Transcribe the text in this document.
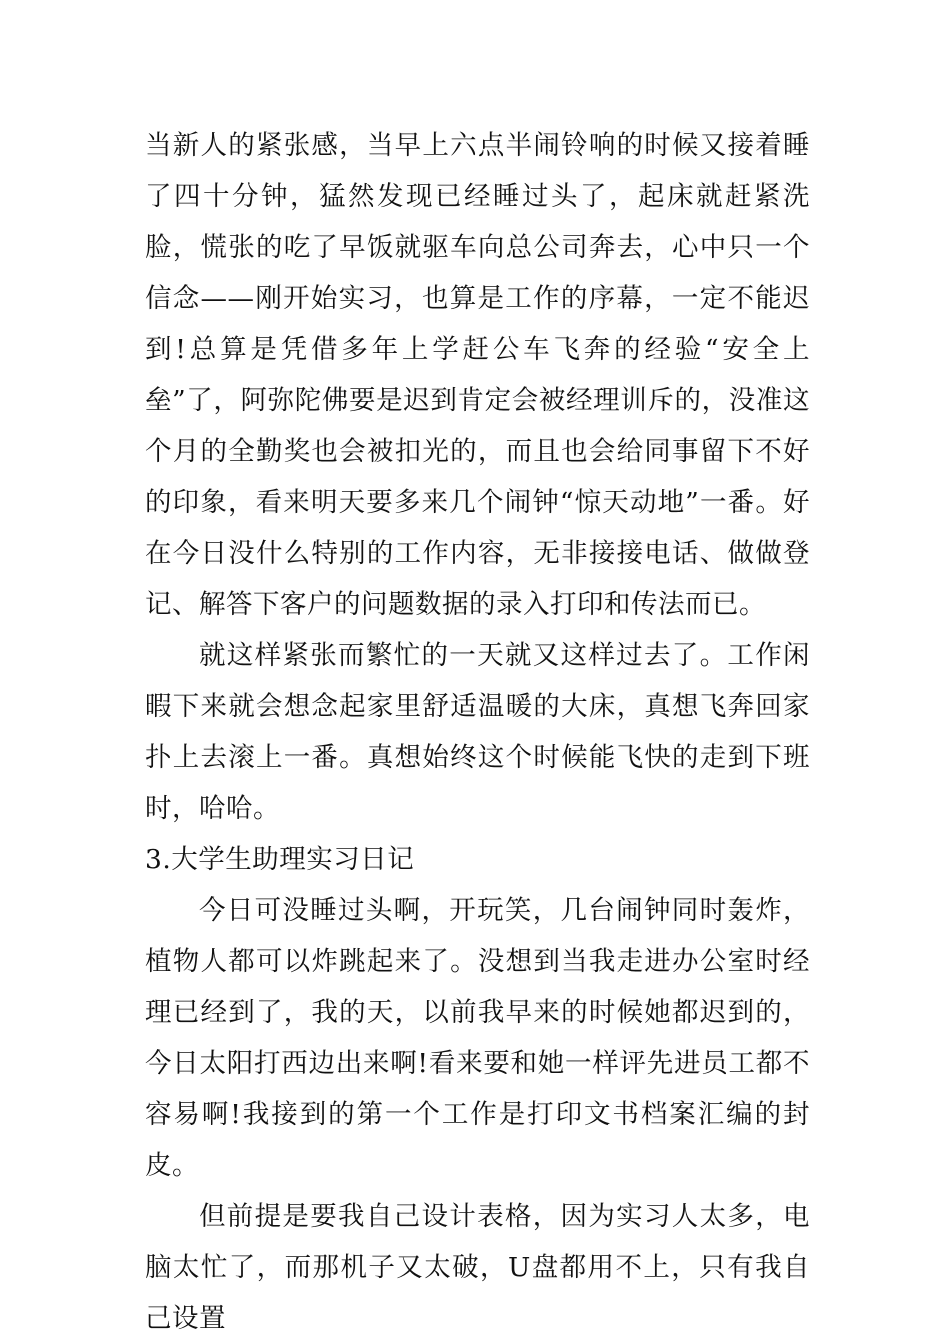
当新人的紧张感，当早上六点半闹铃响的时候又接着睡了四十分钟，猛然发现已经睡过头了，起床就赶紧洗脸，慌张的吃了早饭就驱车向总公司奔去，心中只一个信念——刚开始实习，也算是工作的序幕，一定不能迟到!总算是凭借多年上学赶公车飞奔的经验“安全上垒”了，阿弥陀佛要是迟到肯定会被经理训斥的，没准这个月的全勤奖也会被扣光的，而且也会给同事留下不好的印象，看来明天要多来几个闹钟“惊天动地”一番。好在今日没什么特别的工作内容，无非接接电话、做做登记、解答下客户的问题数据的录入打印和传法而已。

就这样紧张而繁忙的一天就又这样过去了。工作闲暇下来就会想念起家里舒适温暖的大床，真想飞奔回家扑上去滚上一番。真想始终这个时候能飞快的走到下班时，哈哈。

3.大学生助理实习日记

今日可没睡过头啊，开玩笑，几台闹钟同时轰炸，植物人都可以炸跳起来了。没想到当我走进办公室时经理已经到了，我的天，以前我早来的时候她都迟到的，今日太阳打西边出来啊!看来要和她一样评先进员工都不容易啊!我接到的第一个工作是打印文书档案汇编的封皮。

但前提是要我自己设计表格，因为实习人太多，电脑太忙了，而那机子又太破，U盘都用不上，只有我自己设置
